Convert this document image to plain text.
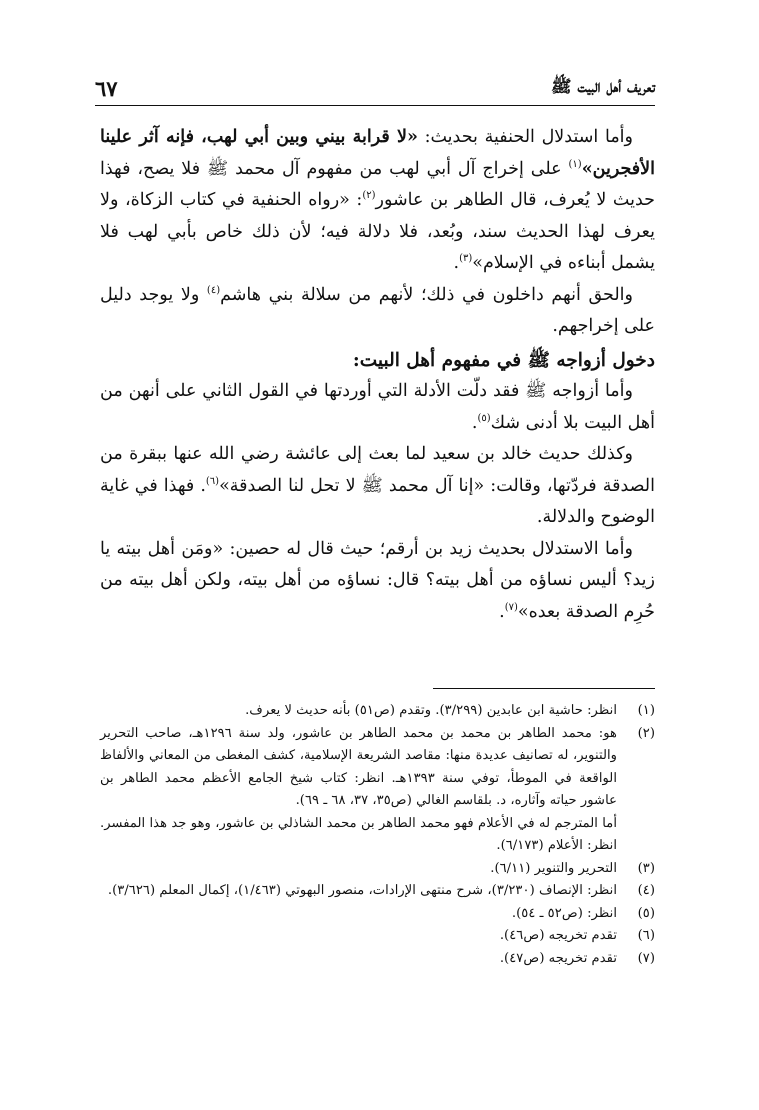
تعريف أهل البيت ﷺ
٦٧

وأما استدلال الحنفية بحديث: «لا قرابة بيني وبين أبي لهب، فإنه آثر علينا الأفجرين»$^{(١)}$ على إخراج آل أبي لهب من مفهوم آل محمد ﷺ فلا يصح، فهذا حديث لا يُعرف، قال الطاهر بن عاشور$^{(٢)}$: «رواه الحنفية في كتاب الزكاة، ولا يعرف لهذا الحديث سند، وبُعد، فلا دلالة فيه؛ لأن ذلك خاص بأبي لهب فلا يشمل أبناءه في الإسلام»$^{(٣)}$.

والحق أنهم داخلون في ذلك؛ لأنهم من سلالة بني هاشم$^{(٤)}$ ولا يوجد دليل على إخراجهم.

دخول أزواجه ﷺ في مفهوم أهل البيت:

وأما أزواجه ﷺ فقد دلّت الأدلة التي أوردتها في القول الثاني على أنهن من أهل البيت بلا أدنى شك$^{(٥)}$.

وكذلك حديث خالد بن سعيد لما بعث إلى عائشة رضي الله عنها ببقرة من الصدقة فردّتها، وقالت: «إنا آل محمد ﷺ لا تحل لنا الصدقة»$^{(٦)}$. فهذا في غاية الوضوح والدلالة.

وأما الاستدلال بحديث زيد بن أرقم؛ حيث قال له حصين: «ومَن أهل بيته يا زيد؟ أليس نساؤه من أهل بيته؟ قال: نساؤه من أهل بيته، ولكن أهل بيته من حُرِم الصدقة بعده»$^{(٧)}$.

(١)
انظر: حاشية ابن عابدين (٣/٢٩٩). وتقدم (ص٥١) بأنه حديث لا يعرف.
(٢)
هو: محمد الطاهر بن محمد بن محمد الطاهر بن عاشور، ولد سنة ١٢٩٦هـ، صاحب التحرير والتنوير، له تصانيف عديدة منها: مقاصد الشريعة الإسلامية، كشف المغطى من المعاني والألفاظ الواقعة في الموطأ، توفي سنة ١٣٩٣هـ. انظر: كتاب شيخ الجامع الأعظم محمد الطاهر بن عاشور حياته وآثاره، د. بلقاسم الغالي (ص٣٥، ٣٧، ٦٨ ـ ٦٩).
أما المترجم له في الأعلام فهو محمد الطاهر بن محمد الشاذلي بن عاشور، وهو جد هذا المفسر. انظر: الأعلام (٦/١٧٣).
(٣)
التحرير والتنوير (٦/١١).
(٤)
انظر: الإنصاف (٣/٢٣٠)، شرح منتهى الإرادات، منصور البهوتي (١/٤٦٣)، إكمال المعلم (٣/٦٢٦).
(٥)
انظر: (ص٥٢ ـ ٥٤).
(٦)
تقدم تخريجه (ص٤٦).
(٧)
تقدم تخريجه (ص٤٧).
